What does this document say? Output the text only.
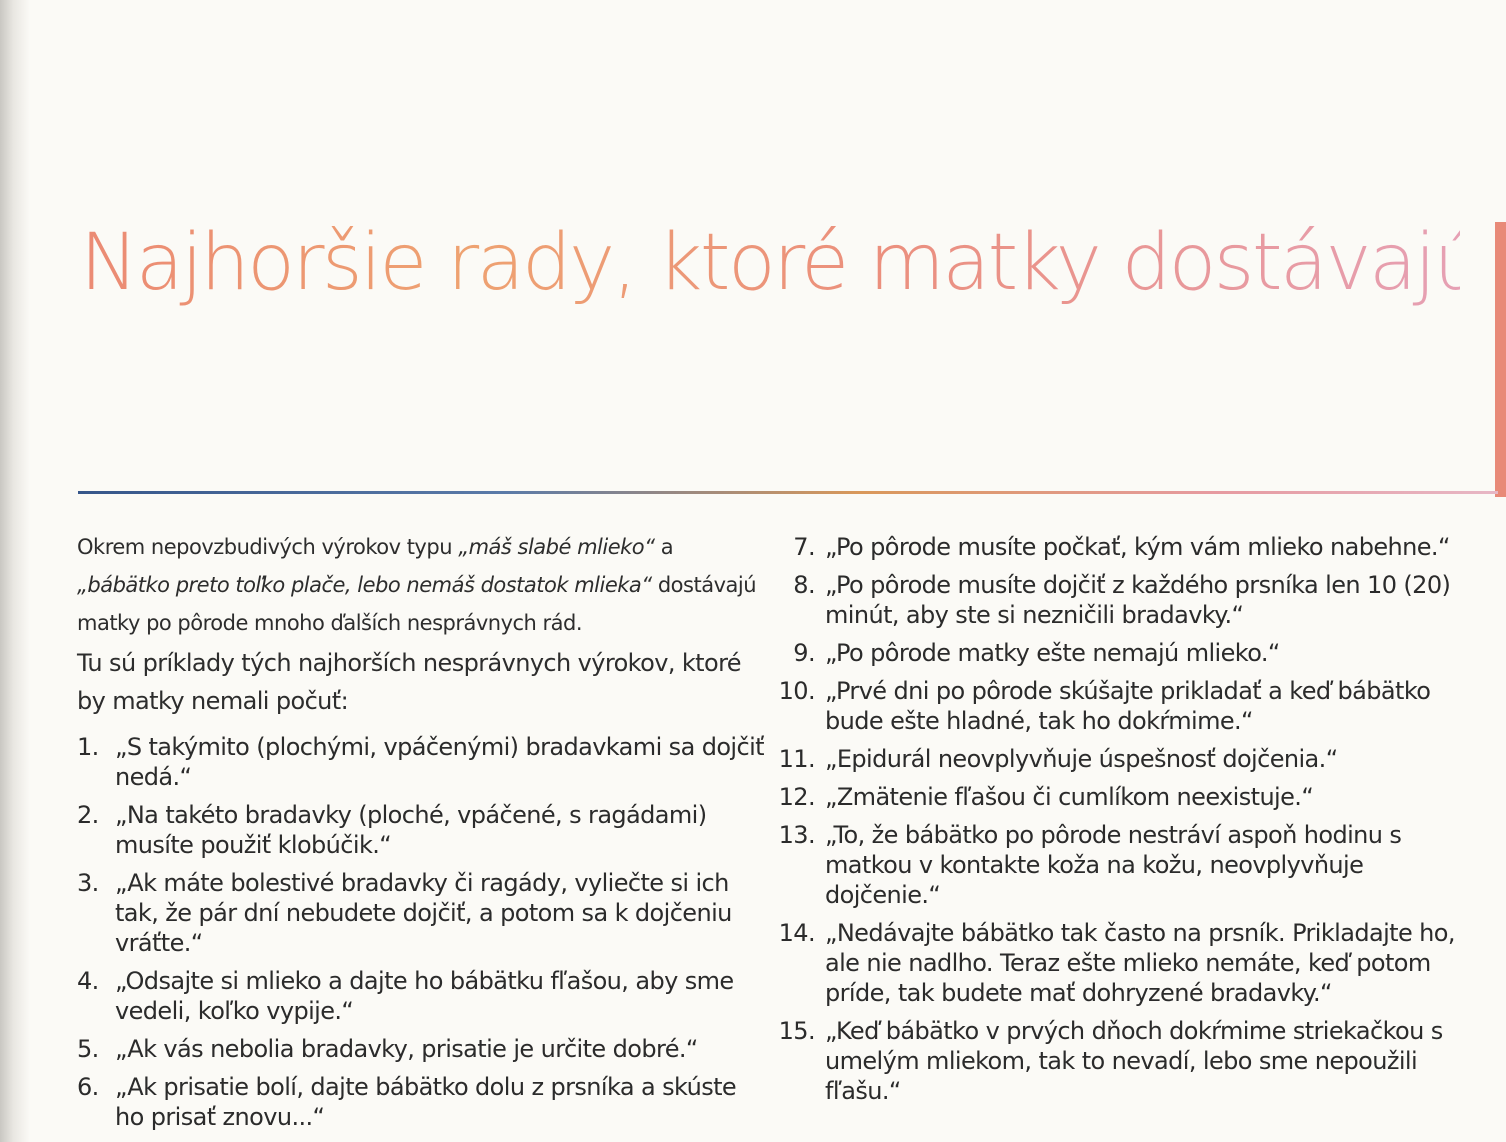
Najhoršie rady, ktoré matky dostávajú

Okrem nepovzbudivých výrokov typu „máš slabé mlieko“ a „bábätko preto toľko plače, lebo nemáš dostatok mlieka“ dostávajú matky po pôrode mnoho ďalších nesprávnych rád.

Tu sú príklady tých najhorších nesprávnych výrokov, ktoré by matky nemali počuť:

1. „S takýmito (plochými, vpáčenými) bradavkami sa dojčiť nedá.“
2. „Na takéto bradavky (ploché, vpáčené, s ragádami) musíte použiť klobúčik.“
3. „Ak máte bolestivé bradavky či ragády, vyliečte si ich tak, že pár dní nebudete dojčiť, a potom sa k dojčeniu vráťte.“
4. „Odsajte si mlieko a dajte ho bábätku fľašou, aby sme vedeli, koľko vypije.“
5. „Ak vás nebolia bradavky, prisatie je určite dobré.“
6. „Ak prisatie bolí, dajte bábätko dolu z prsníka a skúste ho prisať znovu...“
7. „Po pôrode musíte počkať, kým vám mlieko nabehne.“
8. „Po pôrode musíte dojčiť z každého prsníka len 10 (20) minút, aby ste si nezničili bradavky.“
9. „Po pôrode matky ešte nemajú mlieko.“
10. „Prvé dni po pôrode skúšajte prikladať a keď bábätko bude ešte hladné, tak ho dokŕmime.“
11. „Epidurál neovplyvňuje úspešnosť dojčenia.“
12. „Zmätenie fľašou či cumlíkom neexistuje.“
13. „To, že bábätko po pôrode nestráví aspoň hodinu s matkou v kontakte koža na kožu, neovplyvňuje dojčenie.“
14. „Nedávajte bábätko tak často na prsník. Prikladajte ho, ale nie nadlho. Teraz ešte mlieko nemáte, keď potom príde, tak budete mať dohryzené bradavky.“
15. „Keď bábätko v prvých dňoch dokŕmime striekačkou s umelým mliekom, tak to nevadí, lebo sme nepoužili fľašu.“
